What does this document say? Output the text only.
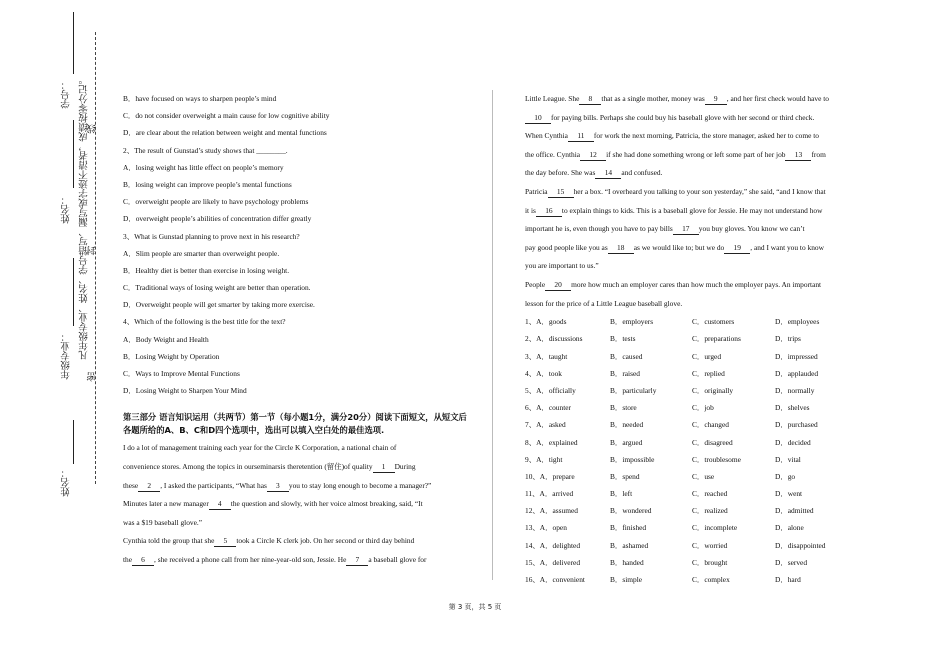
姓名：
年级专业：
姓名：
学号： 凡年级专业、姓名、学号错写、漏写或字迹不清者，成绩按零分记。
密
封
线
B．have focused on ways to sharpen people’s mind
C．do not consider overweight a main cause for low cognitive ability
D．are clear about the relation between weight and mental functions
2、The result of Gunstad’s study shows that ________.
A．losing weight has little effect on people’s memory
B．losing weight can improve people’s mental functions
C．overweight people are likely to have psychology problems
D．overweight people’s abilities of concentration differ greatly
3、What is Gunstad planning to prove next in his research?
A．Slim people are smarter than overweight people.
B．Healthy diet is better than exercise in losing weight.
C．Traditional ways of losing weight are better than operation.
D．Overweight people will get smarter by taking more exercise.
4、Which of the following is the best title for the text?
A．Body Weight and Health
B．Losing Weight by Operation
C．Ways to Improve Mental Functions
D．Losing Weight to Sharpen Your Mind
第三部分 语言知识运用（共两节）第一节（每小题1分，满分20分）阅读下面短文，从短文后各题所给的A、B、C和D四个选项中，选出可以填入空白处的最佳选项.
I do a lot of management training each year for the Circle K Corporation, a national chain of
convenience stores. Among the topics in ourseminarsis theretention (留住)of quality 1 During
these 2 , I asked the participants, “What has 3 you to stay long enough to become a manager?”
Minutes later a new manager 4 the question and slowly, with her voice almost breaking, said, “It
was a $19 baseball glove.”
Cynthia told the group that she 5 took a Circle K clerk job. On her second or third day behind
the 6 , she received a phone call from her nine-year-old son, Jessie. He 7 a baseball glove for
Little League. She 8 that as a single mother, money was 9 , and her first check would have to
10 for paying bills. Perhaps she could buy his baseball glove with her second or third check.
When Cynthia 11 for work the next morning, Patricia, the store manager, asked her to come to
the office. Cynthia 12 if she had done something wrong or left some part of her job 13 from
the day before. She was 14 and confused.
Patricia 15 her a box. “I overheard you talking to your son yesterday,” she said, “and I know that
it is 16 to explain things to kids. This is a baseball glove for Jessie. He may not understand how
important he is, even though you have to pay bills 17 you buy gloves. You know we can’t
pay good people like you as 18 as we would like to; but we do 19 , and I want you to know
you are important to us.”
People 20 more how much an employer cares than how much the employer pays. An important
lesson for the price of a Little League baseball glove.
1、A．goods	B．employers	C．customers	D．employees
2、A．discussions	B．tests	C．preparations	D．trips
3、A．taught	B．caused	C．urged	D．impressed
4、A．took	B．raised	C．replied	D．applauded
5、A．officially	B．particularly	C．originally	D．normally
6、A．counter	B．store	C．job	D．shelves
7、A．asked	B．needed	C．changed	D．purchased
8、A．explained	B．argued	C．disagreed	D．decided
9、A．tight	B．impossible	C．troublesome	D．vital
10、A．prepare	B．spend	C．use	D．go
11、A．arrived	B．left	C．reached	D．went
12、A．assumed	B．wondered	C．realized	D．admitted
13、A．open	B．finished	C．incomplete	D．alone
14、A．delighted	B．ashamed	C．worried	D．disappointed
15、A．delivered	B．handed	C．brought	D．served
16、A．convenient	B．simple	C．complex	D．hard
第 3 页，共 5 页
